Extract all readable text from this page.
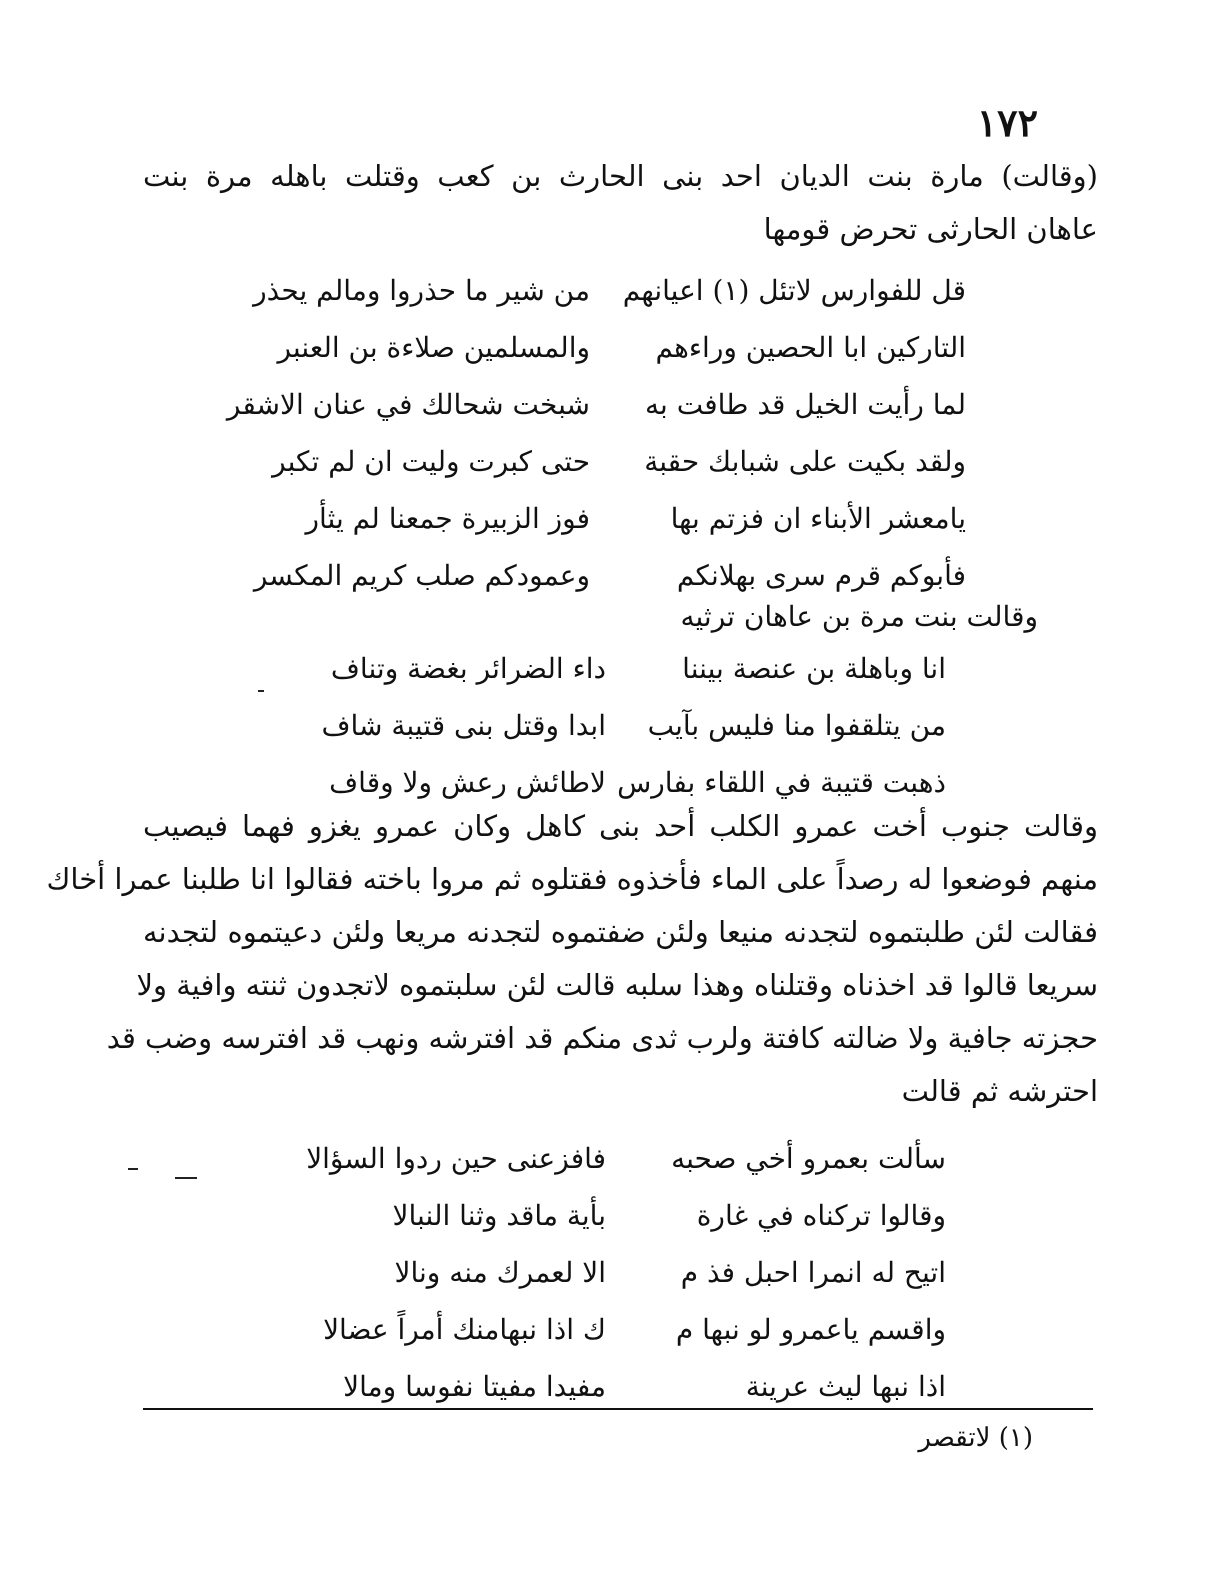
١٧٢
(وقالت) مارة بنت الديان احد بنى الحارث بن كعب وقتلت باهله مرة بنت
عاهان الحارثى تحرض قومها
قل للفوارس لاتئل (١) اعيانهم
من شير ما حذروا ومالم يحذر
التاركين ابا الحصين وراءهم
والمسلمين صلاءة بن العنبر
لما رأيت الخيل قد طافت به
شبخت شحالك في عنان الاشقر
ولقد بكيت على شبابك حقبة
حتى كبرت وليت ان لم تكبر
يامعشر الأبناء ان فزتم بها
فوز الزبيرة جمعنا لم يثأر
فأبوكم قرم سرى بهلانكم
وعمودكم صلب كريم المكسر
وقالت بنت مرة بن عاهان ترثيه
انا وباهلة بن عنصة بيننا
داء الضرائر بغضة وتناف
من يتلقفوا منا فليس بآيب
ابدا وقتل بنى قتيبة شاف
ذهبت قتيبة في اللقاء بفارس
لاطائش رعش ولا وقاف
وقالت جنوب أخت عمرو الكلب أحد بنى كاهل وكان عمرو يغزو فهما فيصيب
منهم فوضعوا له رصداً على الماء فأخذوه فقتلوه ثم مروا باخته فقالوا انا طلبنا عمرا أخاك
فقالت لئن طلبتموه لتجدنه منيعا ولئن ضفتموه لتجدنه مريعا ولئن دعيتموه لتجدنه
سريعا قالوا قد اخذناه وقتلناه وهذا سلبه قالت لئن سلبتموه لاتجدون ثنته وافية ولا
حجزته جافية ولا ضالته كافتة ولرب ثدى منكم قد افترشه ونهب قد افترسه وضب قد
احترشه ثم قالت
سألت بعمرو أخي صحبه
فافزعنى حين ردوا السؤالا
وقالوا تركناه في غارة
بأية ماقد وثنا النبالا
اتيح له انمرا احبل فذ م
الا لعمرك منه ونالا
واقسم ياعمرو لو نبها م
ك اذا نبهامنك أمراً عضالا
اذا نبها ليث عرينة
مفيدا مفيتا نفوسا ومالا
(١) لاتقصر
